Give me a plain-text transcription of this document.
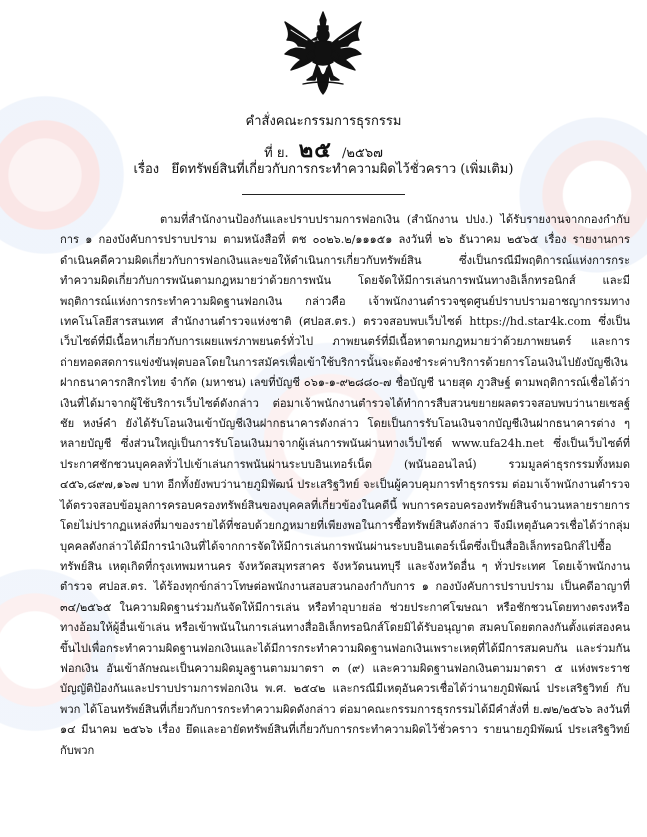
คำสั่งคณะกรรมการธุรกรรม
ที่ ย. ๒๕ /๒๕๖๗
เรื่อง ยึดทรัพย์สินที่เกี่ยวกับการกระทำความผิดไว้ชั่วคราว (เพิ่มเติม)

ตามที่สำนักงานป้องกันและปราบปรามการฟอกเงิน (สำนักงาน ปปง.) ได้รับรายงานจากกองกำกับการ ๑ กองบังคับการปราบปราม ตามหนังสือที่ ตช ๐๐๒๖.๒/๑๑๑๕๑ ลงวันที่ ๒๖ ธันวาคม ๒๕๖๕ เรื่อง รายงานการดำเนินคดีความผิดเกี่ยวกับการฟอกเงินและขอให้ดำเนินการเกี่ยวกับทรัพย์สิน ซึ่งเป็นกรณีมีพฤติการณ์แห่งการกระทำความผิดเกี่ยวกับการพนันตามกฎหมายว่าด้วยการพนัน โดยจัดให้มีการเล่นการพนันทางอิเล็กทรอนิกส์ และมีพฤติการณ์แห่งการกระทำความผิดฐานฟอกเงิน กล่าวคือ เจ้าพนักงานตำรวจชุดศูนย์ปราบปรามอาชญากรรมทางเทคโนโลยีสารสนเทศ สำนักงานตำรวจแห่งชาติ (ศปอส.ตร.) ตรวจสอบพบเว็บไซต์ https://hd.star4k.com ซึ่งเป็นเว็บไซต์ที่มีเนื้อหาเกี่ยวกับการเผยแพร่ภาพยนตร์ทั่วไป ภาพยนตร์ที่มีเนื้อหาตามกฎหมายว่าด้วยภาพยนตร์ และการถ่ายทอดสดการแข่งขันฟุตบอลโดยในการสมัครเพื่อเข้าใช้บริการนั้นจะต้องชำระค่าบริการด้วยการโอนเงินไปยังบัญชีเงินฝากธนาคารกสิกรไทย จำกัด (มหาชน) เลขที่บัญชี ๐๖๑-๑-๙๒๘๘๐-๗ ชื่อบัญชี นายสุด ภูวสิษฐ์ ตามพฤติการณ์เชื่อได้ว่าเงินที่ได้มาจากผู้ใช้บริการเว็บไซต์ดังกล่าว ต่อมาเจ้าพนักงานตำรวจได้ทำการสืบสวนขยายผลตรวจสอบพบว่านายเซลฐ์ชัย หงษ์คำ ยังได้รับโอนเงินเข้าบัญชีเงินฝากธนาคารดังกล่าว โดยเป็นการรับโอนเงินจากบัญชีเงินฝากธนาคารต่าง ๆ หลายบัญชี ซึ่งส่วนใหญ่เป็นการรับโอนเงินมาจากผู้เล่นการพนันผ่านทางเว็บไซต์ www.ufa24h.net ซึ่งเป็นเว็บไซต์ที่ประกาศชักชวนบุคคลทั่วไปเข้าเล่นการพนันผ่านระบบอินเทอร์เน็ต (พนันออนไลน์) รวมมูลค่าธุรกรรมทั้งหมด ๔๕๖,๘๙๗,๑๖๗ บาท อีกทั้งยังพบว่านายภูมิพัฒน์ ประเสริฐวิทย์ จะเป็นผู้ควบคุมการทำธุรกรรม ต่อมาเจ้าพนักงานตำรวจได้ตรวจสอบข้อมูลการครอบครองทรัพย์สินของบุคคลที่เกี่ยวข้องในคดีนี้ พบการครอบครองทรัพย์สินจำนวนหลายรายการ โดยไม่ปรากฏแหล่งที่มาของรายได้ที่ชอบด้วยกฎหมายที่เพียงพอในการซื้อทรัพย์สินดังกล่าว จึงมีเหตุอันควรเชื่อได้ว่ากลุ่มบุคคลดังกล่าวได้มีการนำเงินที่ได้จากการจัดให้มีการเล่นการพนันผ่านระบบอินเตอร์เน็ตซึ่งเป็นสื่ออิเล็กทรอนิกส์ไปซื้อทรัพย์สิน เหตุเกิดที่กรุงเทพมหานคร จังหวัดสมุทรสาคร จังหวัดนนทบุรี และจังหวัดอื่น ๆ ทั่วประเทศ โดยเจ้าพนักงานตำรวจ ศปอส.ตร. ได้ร้องทุกข์กล่าวโทษต่อพนักงานสอบสวนกองกำกับการ ๑ กองบังคับการปราบปราม เป็นคดีอาญาที่ ๓๔/๒๕๖๕ ในความผิดฐานร่วมกันจัดให้มีการเล่น หรือทำอุบายล่อ ช่วยประกาศโฆษณา หรือชักชวนโดยทางตรงหรือทางอ้อมให้ผู้อื่นเข้าเล่น หรือเข้าพนันในการเล่นทางสื่ออิเล็กทรอนิกส์โดยมิได้รับอนุญาต สมคบโดยตกลงกันตั้งแต่สองคนขึ้นไปเพื่อกระทำความผิดฐานฟอกเงินและได้มีการกระทำความผิดฐานฟอกเงินเพราะเหตุที่ได้มีการสมคบกัน และร่วมกันฟอกเงิน อันเข้าลักษณะเป็นความผิดมูลฐานตามมาตรา ๓ (๙) และความผิดฐานฟอกเงินตามมาตรา ๕ แห่งพระราชบัญญัติป้องกันและปราบปรามการฟอกเงิน พ.ศ. ๒๕๔๒ และกรณีมีเหตุอันควรเชื่อได้ว่านายภูมิพัฒน์ ประเสริฐวิทย์ กับพวก ได้โอนทรัพย์สินที่เกี่ยวกับการกระทำความผิดดังกล่าว ต่อมาคณะกรรมการธุรกรรมได้มีคำสั่งที่ ย.๗๒/๒๕๖๖ ลงวันที่ ๑๔ มีนาคม ๒๕๖๖ เรื่อง ยึดและอายัดทรัพย์สินที่เกี่ยวกับการกระทำความผิดไว้ชั่วคราว รายนายภูมิพัฒน์ ประเสริฐวิทย์ กับพวก
